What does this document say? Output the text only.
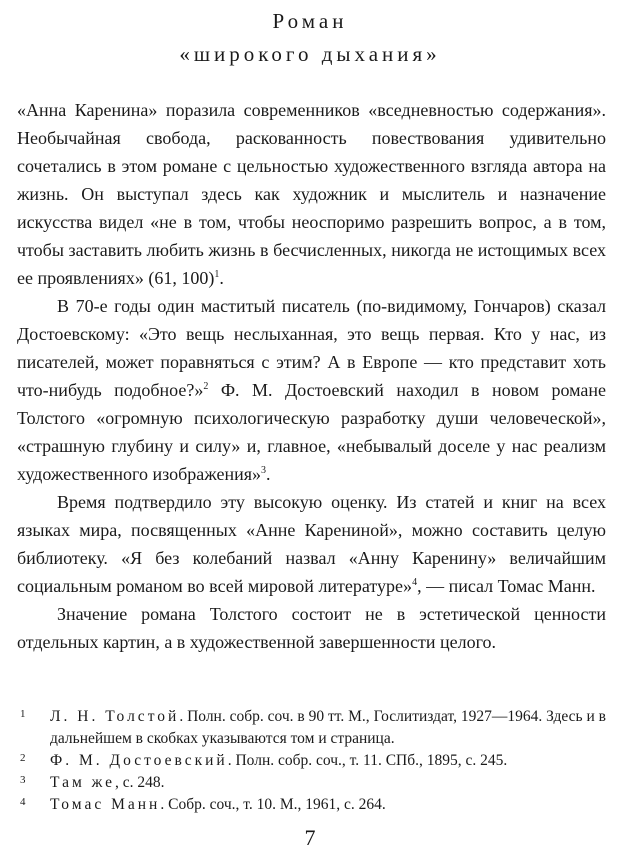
Роман
«широкого дыхания»

«Анна Каренина» поразила современников «вседневностью содержания». Необычайная свобода, раскованность повествования удивительно сочетались в этом романе с цельностью художественного взгляда автора на жизнь. Он выступал здесь как художник и мыслитель и назначение искусства видел «не в том, чтобы неоспоримо разрешить вопрос, а в том, чтобы заставить любить жизнь в бесчисленных, никогда не истощимых всех ее проявлениях» (61, 100)$^1$.

В 70-е годы один маститый писатель (по-видимому, Гончаров) сказал Достоевскому: «Это вещь неслыханная, это вещь первая. Кто у нас, из писателей, может поравняться с этим? А в Европе — кто представит хоть что-нибудь подобное?»$^2$ Ф. М. Достоевский находил в новом романе Толстого «огромную психологическую разработку души человеческой», «страшную глубину и силу» и, главное, «небывалый доселе у нас реализм художественного изображения»$^3$.

Время подтвердило эту высокую оценку. Из статей и книг на всех языках мира, посвященных «Анне Карениной», можно составить целую библиотеку. «Я без колебаний назвал «Анну Каренину» величайшим социальным романом во всей мировой литературе»$^4$, — писал Томас Манн.

Значение романа Толстого состоит не в эстетической ценности отдельных картин, а в художественной завершенности целого.

1 Л. Н. Толстой. Полн. собр. соч. в 90 тт. М., Гослитиздат, 1927—1964. Здесь и в дальнейшем в скобках указываются том и страница.
2 Ф. М. Достоевский. Полн. собр. соч., т. 11. СПб., 1895, с. 245.
3 Там же, с. 248.
4 Томас Манн. Собр. соч., т. 10. М., 1961, с. 264.
7
